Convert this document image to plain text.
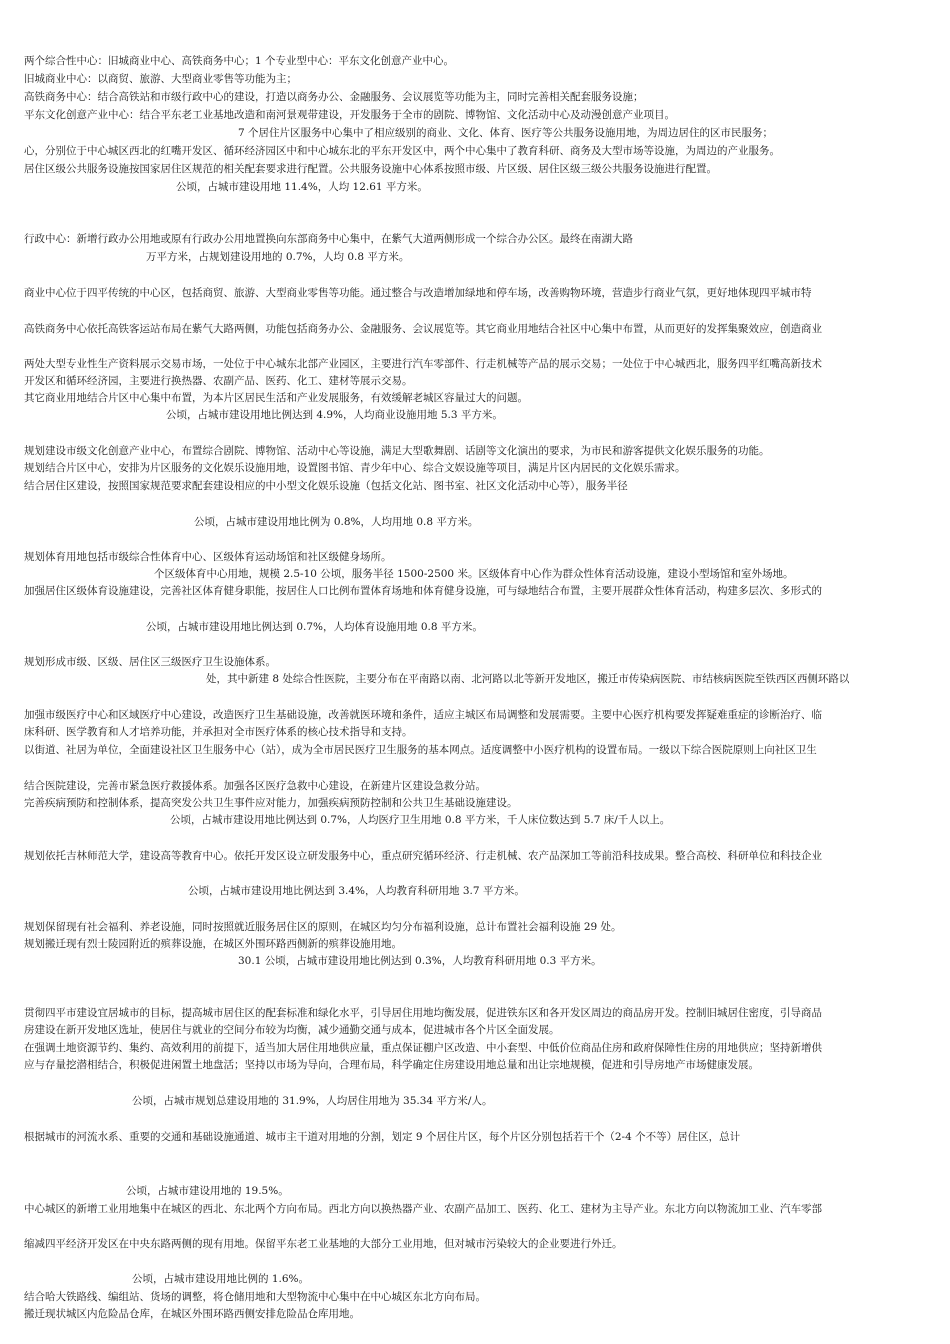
两个综合性中心：旧城商业中心、高铁商务中心；1 个专业型中心：平东文化创意产业中心。
旧城商业中心：以商贸、旅游、大型商业零售等功能为主；
高铁商务中心：结合高铁站和市级行政中心的建设，打造以商务办公、金融服务、会议展览等功能为主，同时完善相关配套服务设施；
平东文化创意产业中心：结合平东老工业基地改造和南河景观带建设，开发服务于全市的剧院、博物馆、文化活动中心及动漫创意产业项目。
7 个居住片区服务中心集中了相应级别的商业、文化、体育、医疗等公共服务设施用地，为周边居住的区市民服务；
心，分别位于中心城区西北的红嘴开发区、循环经济园区中和中心城东北的平东开发区中，两个中心集中了教育科研、商务及大型市场等设施，为周边的产业服务。
居住区级公共服务设施按国家居住区规范的相关配套要求进行配置。公共服务设施中心体系按照市级、片区级、居住区级三级公共服务设施进行配置。
公顷，占城市建设用地 11.4%，人均 12.61 平方米。
行政中心：新增行政办公用地或原有行政办公用地置换向东部商务中心集中，在紫气大道两侧形成一个综合办公区。最终在南湖大路
万平方米，占规划建设用地的 0.7%，人均 0.8 平方米。
商业中心位于四平传统的中心区，包括商贸、旅游、大型商业零售等功能。通过整合与改造增加绿地和停车场，改善购物环境，营造步行商业气氛，更好地体现四平城市特
高铁商务中心依托高铁客运站布局在紫气大路两侧，功能包括商务办公、金融服务、会议展览等。其它商业用地结合社区中心集中布置，从而更好的发挥集聚效应，创造商业
两处大型专业性生产资料展示交易市场，一处位于中心城东北部产业园区，主要进行汽车零部件、行走机械等产品的展示交易；一处位于中心城西北，服务四平红嘴高新技术
开发区和循环经济园，主要进行换热器、农副产品、医药、化工、建材等展示交易。
其它商业用地结合片区中心集中布置，为本片区居民生活和产业发展服务，有效缓解老城区容量过大的问题。
公顷，占城市建设用地比例达到 4.9%，人均商业设施用地 5.3 平方米。
规划建设市级文化创意产业中心，布置综合剧院、博物馆、活动中心等设施，满足大型歌舞剧、话剧等文化演出的要求，为市民和游客提供文化娱乐服务的功能。
规划结合片区中心，安排为片区服务的文化娱乐设施用地，设置图书馆、青少年中心、综合文娱设施等项目，满足片区内居民的文化娱乐需求。
结合居住区建设，按照国家规范要求配套建设相应的中小型文化娱乐设施（包括文化站、图书室、社区文化活动中心等），服务半径
公顷，占城市建设用地比例为 0.8%，人均用地 0.8 平方米。
规划体育用地包括市级综合性体育中心、区级体育运动场馆和社区级健身场所。
个区级体育中心用地，规模 2.5-10 公顷，服务半径 1500-2500 米。区级体育中心作为群众性体育活动设施，建设小型场馆和室外场地。
加强居住区级体育设施建设，完善社区体育健身职能，按居住人口比例布置体育场地和体育健身设施，可与绿地结合布置，主要开展群众性体育活动，构建多层次、多形式的
公顷，占城市建设用地比例达到 0.7%，人均体育设施用地 0.8 平方米。
规划形成市级、区级、居住区三级医疗卫生设施体系。
处，其中新建 8 处综合性医院，主要分布在平南路以南、北河路以北等新开发地区，搬迁市传染病医院、市结核病医院至铁西区西侧环路以
加强市级医疗中心和区域医疗中心建设，改造医疗卫生基础设施，改善就医环境和条件，适应主城区布局调整和发展需要。主要中心医疗机构要发挥疑难重症的诊断治疗、临
床科研、医学教育和人才培养功能，并承担对全市医疗体系的核心技术指导和支持。
以街道、社居为单位，全面建设社区卫生服务中心（站），成为全市居民医疗卫生服务的基本网点。适度调整中小医疗机构的设置布局。一级以下综合医院原则上向社区卫生
结合医院建设，完善市紧急医疗救援体系。加强各区医疗急救中心建设，在新建片区建设急救分站。
完善疾病预防和控制体系，提高突发公共卫生事件应对能力，加强疾病预防控制和公共卫生基础设施建设。
公顷，占城市建设用地比例达到 0.7%，人均医疗卫生用地 0.8 平方米，千人床位数达到 5.7 床/千人以上。
规划依托吉林师范大学，建设高等教育中心。依托开发区设立研发服务中心，重点研究循环经济、行走机械、农产品深加工等前沿科技成果。整合高校、科研单位和科技企业
公顷，占城市建设用地比例达到 3.4%，人均教育科研用地 3.7 平方米。
规划保留现有社会福利、养老设施，同时按照就近服务居住区的原则，在城区均匀分布福利设施，总计布置社会福利设施 29 处。
规划搬迁现有烈士陵园附近的殡葬设施，在城区外围环路西侧新的殡葬设施用地。
30.1 公顷，占城市建设用地比例达到 0.3%，人均教育科研用地 0.3 平方米。
贯彻四平市建设宜居城市的目标，提高城市居住区的配套标准和绿化水平，引导居住用地均衡发展，促进铁东区和各开发区周边的商品房开发。控制旧城居住密度，引导商品
房建设在新开发地区选址，使居住与就业的空间分布较为均衡，减少通勤交通与成本，促进城市各个片区全面发展。
在强调土地资源节约、集约、高效利用的前提下，适当加大居住用地供应量，重点保证棚户区改造、中小套型、中低价位商品住房和政府保障性住房的用地供应；坚持新增供
应与存量挖潜相结合，积极促进闲置土地盘活；坚持以市场为导向，合理布局，科学确定住房建设用地总量和出让宗地规模，促进和引导房地产市场健康发展。
公顷，占城市规划总建设用地的 31.9%，人均居住用地为 35.34 平方米/人。
根据城市的河流水系、重要的交通和基础设施通道、城市主干道对用地的分割，划定 9 个居住片区，每个片区分别包括若干个（2-4 个不等）居住区，总计
公顷，占城市建设用地的 19.5%。
中心城区的新增工业用地集中在城区的西北、东北两个方向布局。西北方向以换热器产业、农副产品加工、医药、化工、建材为主导产业。东北方向以物流加工业、汽车零部
缩减四平经济开发区在中央东路两侧的现有用地。保留平东老工业基地的大部分工业用地，但对城市污染较大的企业要进行外迁。
公顷，占城市建设用地比例的 1.6%。
结合哈大铁路线、编组站、货场的调整，将仓储用地和大型物流中心集中在中心城区东北方向布局。
搬迁现状城区内危险品仓库，在城区外围环路西侧安排危险品仓库用地。
